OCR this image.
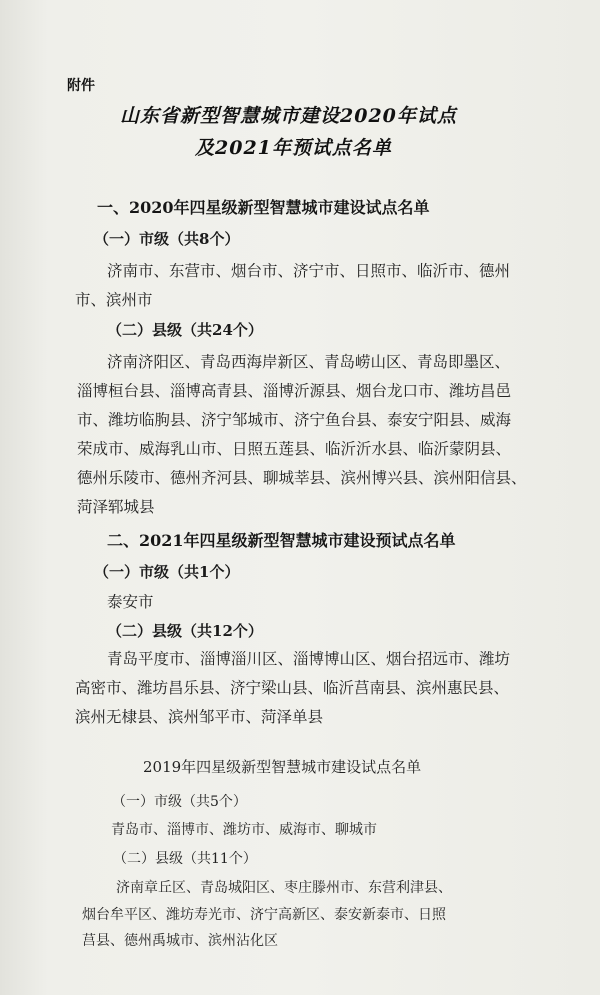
附件
山东省新型智慧城市建设2020年试点
及2021年预试点名单
一、2020年四星级新型智慧城市建设试点名单
（一）市级（共8个）
济南市、东营市、烟台市、济宁市、日照市、临沂市、德州
市、滨州市
（二）县级（共24个）
济南济阳区、青岛西海岸新区、青岛崂山区、青岛即墨区、
淄博桓台县、淄博高青县、淄博沂源县、烟台龙口市、潍坊昌邑
市、潍坊临朐县、济宁邹城市、济宁鱼台县、泰安宁阳县、威海
荣成市、威海乳山市、日照五莲县、临沂沂水县、临沂蒙阴县、
德州乐陵市、德州齐河县、聊城莘县、滨州博兴县、滨州阳信县、
菏泽郓城县
二、2021年四星级新型智慧城市建设预试点名单
（一）市级（共1个）
泰安市
（二）县级（共12个）
青岛平度市、淄博淄川区、淄博博山区、烟台招远市、潍坊
高密市、潍坊昌乐县、济宁梁山县、临沂莒南县、滨州惠民县、
滨州无棣县、滨州邹平市、菏泽单县
2019年四星级新型智慧城市建设试点名单
（一）市级（共5个）
青岛市、淄博市、潍坊市、威海市、聊城市
（二）县级（共11个）
济南章丘区、青岛城阳区、枣庄滕州市、东营利津县、
烟台牟平区、潍坊寿光市、济宁高新区、泰安新泰市、日照
莒县、德州禹城市、滨州沾化区
